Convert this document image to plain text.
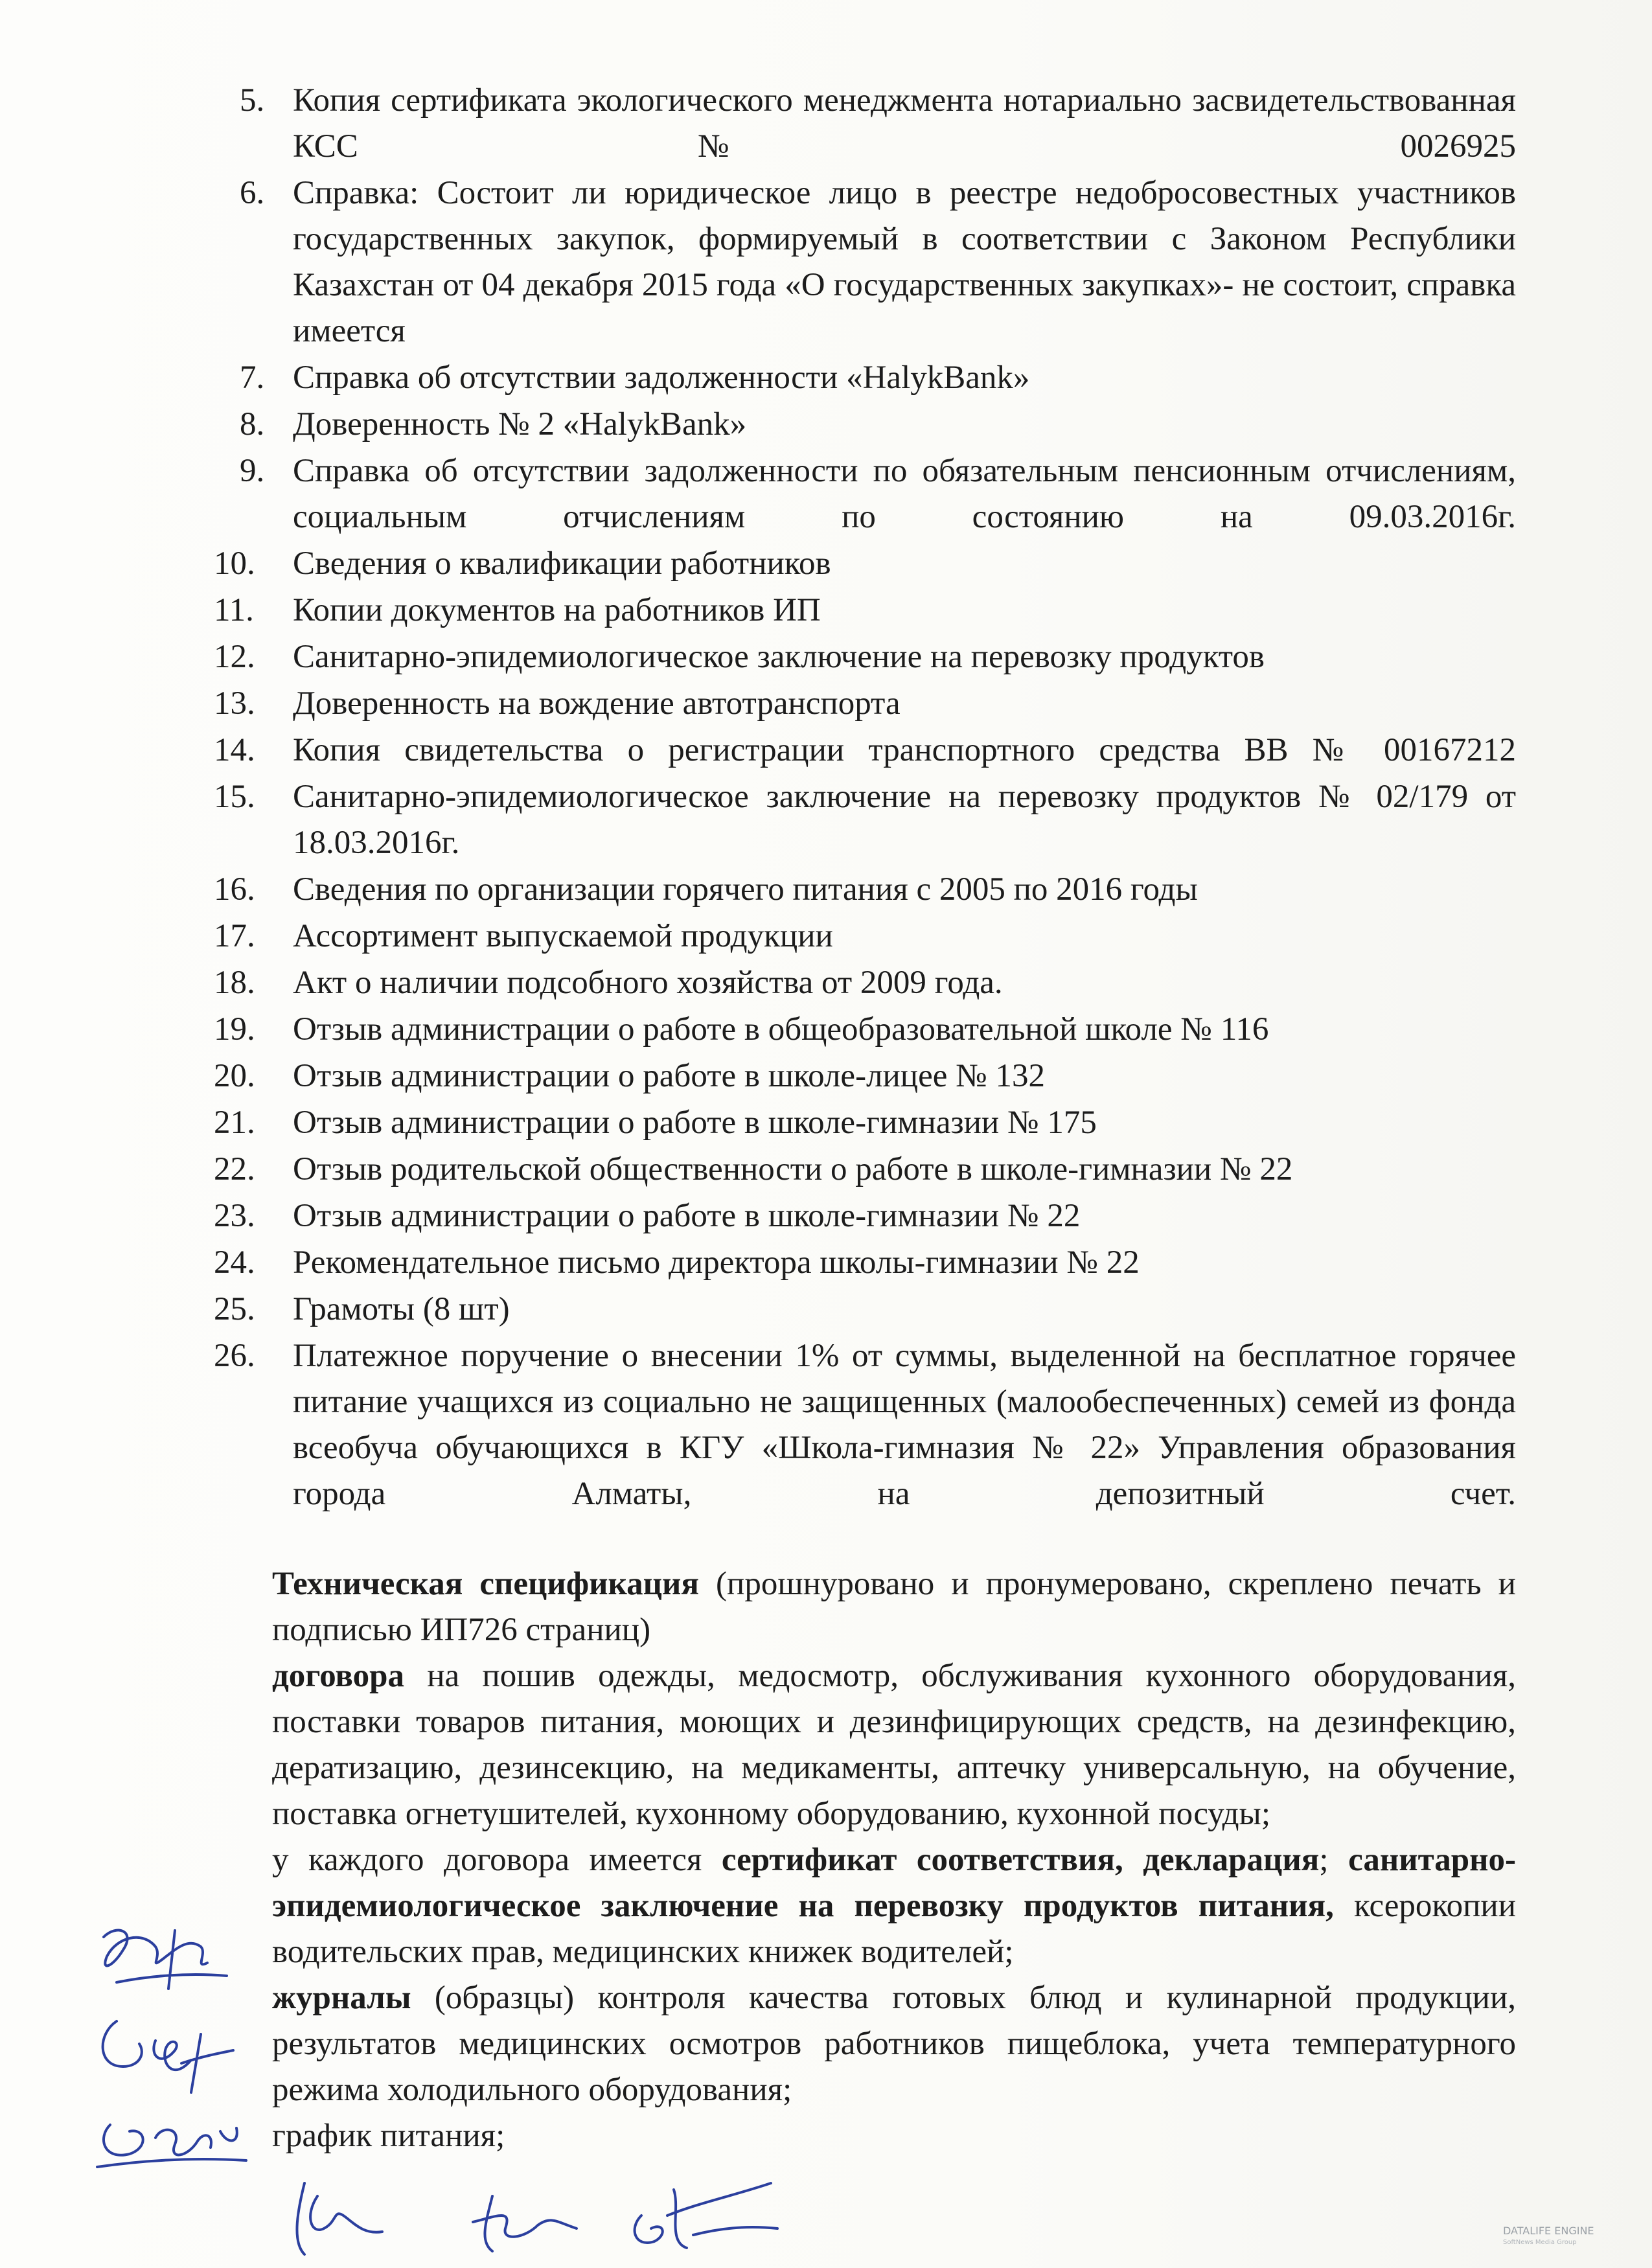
5. Копия сертификата экологического менеджмента нотариально засвидетельствованная КСС № 0026925
6. Справка: Состоит ли юридическое лицо в реестре недобросовестных участников государственных закупок, формируемый в соответствии с Законом Республики Казахстан от 04 декабря 2015 года «О государственных закупках»- не состоит, справка имеется
7. Справка об отсутствии задолженности «HalykBank»
8. Доверенность № 2 «HalykBank»
9. Справка об отсутствии задолженности по обязательным пенсионным отчислениям, социальным отчислениям по состоянию на 09.03.2016г.
10.	Сведения о квалификации работников
11.	Копии документов на работников ИП
12.	Санитарно-эпидемиологическое заключение на перевозку продуктов
13.	Доверенность на вождение автотранспорта
14.	Копия свидетельства о регистрации транспортного средства ВВ № 00167212
15.	Санитарно-эпидемиологическое заключение на перевозку продуктов № 02/179 от 18.03.2016г.
16.	Сведения по организации горячего питания с 2005 по 2016 годы
17.	Ассортимент выпускаемой продукции
18.	Акт о наличии подсобного хозяйства от 2009 года.
19.	Отзыв администрации о работе в общеобразовательной школе № 116
20.	Отзыв администрации о работе в школе-лицее № 132
21.	Отзыв администрации о работе в школе-гимназии № 175
22.	Отзыв родительской общественности о работе в школе-гимназии № 22
23.	Отзыв администрации о работе в школе-гимназии № 22
24.	Рекомендательное письмо директора школы-гимназии № 22
25.	Грамоты (8 шт)
26.	Платежное поручение о внесении 1% от суммы, выделенной на бесплатное горячее питание учащихся из социально не защищенных (малообеспеченных) семей из фонда всеобуча обучающихся в КГУ «Школа-гимназия № 22» Управления образования города Алматы, на депозитный счет.

Техническая спецификация (прошнуровано и пронумеровано, скреплено печать и подписью ИП726 страниц)

договора на пошив одежды, медосмотр, обслуживания кухонного оборудования, поставки товаров питания, моющих и дезинфицирующих средств, на дезинфекцию, дератизацию, дезинсекцию, на медикаменты, аптечку универсальную, на обучение, поставка огнетушителей, кухонному оборудованию, кухонной посуды;

у каждого договора имеется сертификат соответствия, декларация; санитарно-эпидемиологическое заключение на перевозку продуктов питания, ксерокопии водительских прав, медицинских книжек водителей;

журналы (образцы) контроля качества готовых блюд и кулинарной продукции, результатов медицинских осмотров работников пищеблока, учета температурного режима холодильного оборудования;

график питания;

DATALIFE ENGINE
SoftNews Media Group
